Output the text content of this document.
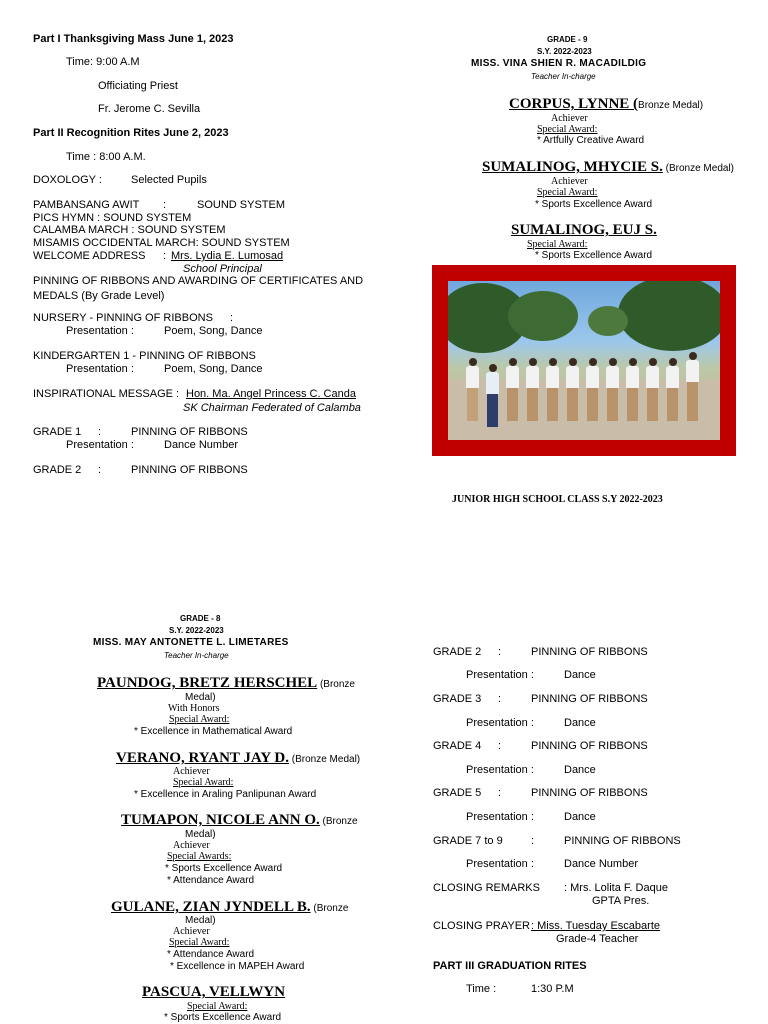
Part I Thanksgiving Mass June 1, 2023
Time: 9:00 A.M
Officiating Priest
Fr. Jerome C. Sevilla
Part II Recognition Rites June 2, 2023
Time : 8:00 A.M.
DOXOLOGY :	Selected Pupils
PAMBANSANG AWIT :	SOUND SYSTEM
PICS HYMN : SOUND SYSTEM
CALAMBA MARCH : SOUND SYSTEM
MISAMIS OCCIDENTAL MARCH: SOUND SYSTEM
WELCOME ADDRESS : Mrs. Lydia E. Lumosad
School Principal
PINNING OF RIBBONS AND AWARDING OF CERTIFICATES AND
MEDALS (By Grade Level)
NURSERY - PINNING OF RIBBONS :
Presentation :	Poem, Song, Dance
KINDERGARTEN 1 - PINNING OF RIBBONS
Presentation :	Poem, Song, Dance
INSPIRATIONAL MESSAGE : Hon. Ma. Angel Princess C. Canda
SK Chairman Federated of Calamba
GRADE 1 :	PINNING OF RIBBONS
Presentation :	Dance Number
GRADE 2 :	PINNING OF RIBBONS
GRADE - 9
S.Y. 2022-2023
MISS. VINA SHIEN R. MACADILDIG
Teacher In-charge
CORPUS, LYNNE (Bronze Medal)
Achiever
Special Award:
* Artfully Creative Award
SUMALINOG, MHYCIE S. (Bronze Medal)
Achiever
Special Award:
* Sports Excellence Award
SUMALINOG, EUJ S.
Special Award:
* Sports Excellence Award
JUNIOR HIGH SCHOOL CLASS S.Y 2022-2023
GRADE - 8
S.Y. 2022-2023
MISS. MAY ANTONETTE L. LIMETARES
Teacher In-charge
PAUNDOG, BRETZ HERSCHEL (Bronze
Medal)
With Honors
Special Award:
* Excellence in Mathematical Award
VERANO, RYANT JAY D. (Bronze Medal)
Achiever
Special Award:
* Excellence in Araling Panlipunan Award
TUMAPON, NICOLE ANN O. (Bronze
Medal)
Achiever
Special Awards:
* Sports Excellence Award
* Attendance Award
GULANE, ZIAN JYNDELL B. (Bronze
Medal)
Achiever
Special Award:
* Attendance Award
* Excellence in MAPEH Award
PASCUA, VELLWYN
Special Award:
* Sports Excellence Award
GRADE 2 :	PINNING OF RIBBONS
Presentation :	Dance
GRADE 3 :	PINNING OF RIBBONS
Presentation :	Dance
GRADE 4 :	PINNING OF RIBBONS
Presentation :	Dance
GRADE 5 :	PINNING OF RIBBONS
Presentation :	Dance
GRADE 7 to 9	:	PINNING OF RIBBONS
Presentation :	Dance Number
CLOSING REMARKS : Mrs. Lolita F. Daque
GPTA Pres.
CLOSING PRAYER : Miss. Tuesday Escabarte
Grade-4 Teacher
PART III GRADUATION RITES
Time :	1:30 P.M
